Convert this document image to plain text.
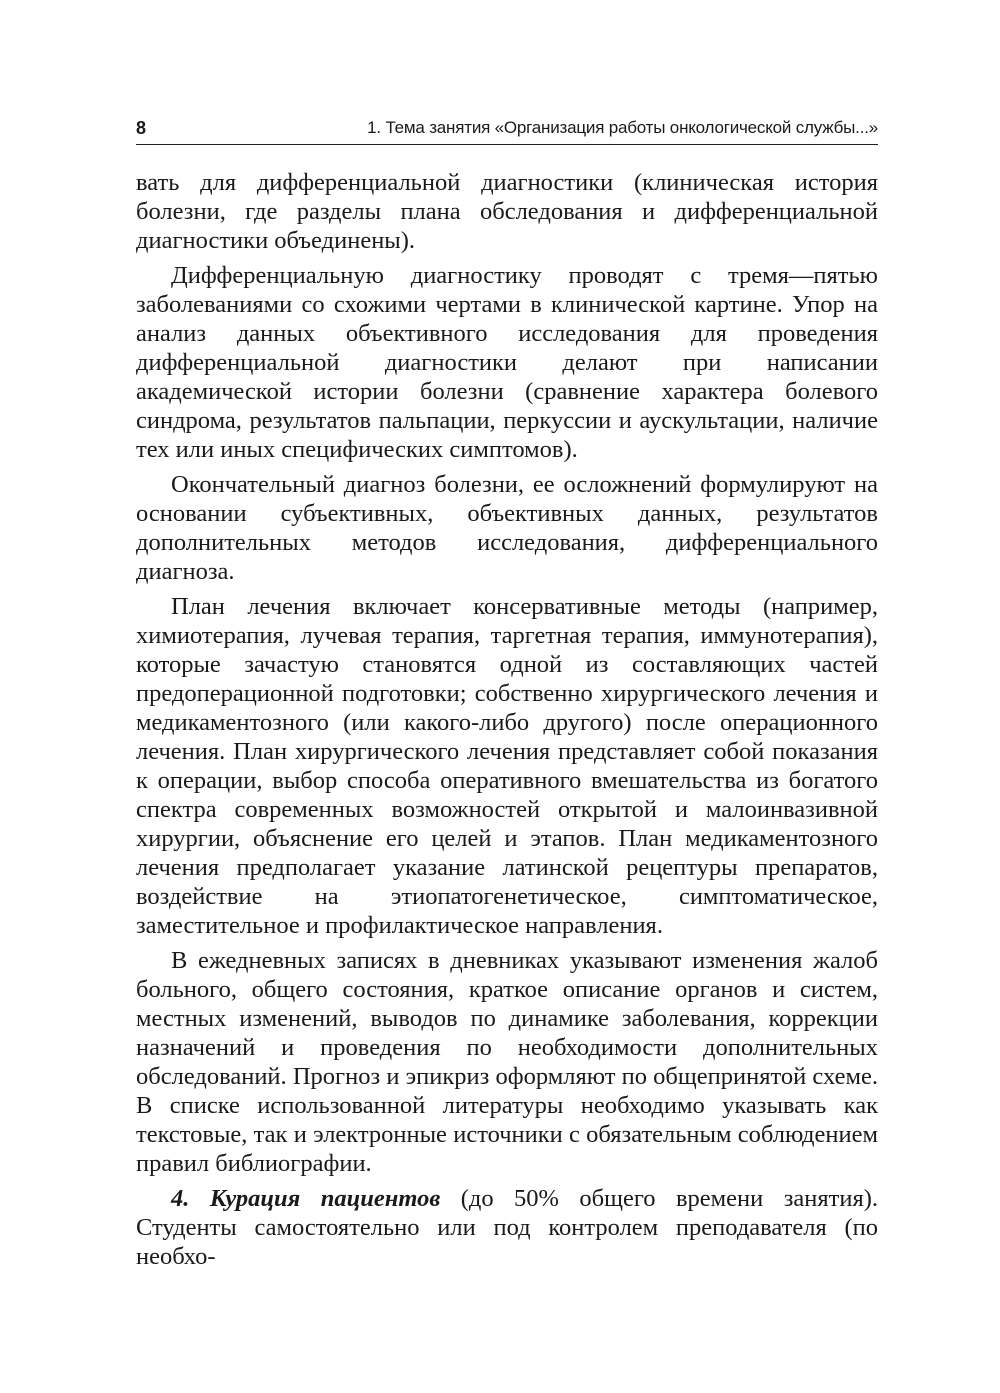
8	1. Тема занятия «Организация работы онкологической службы...»

вать для дифференциальной диагностики (клиническая история болезни, где разделы плана обследования и дифференциальной диагностики объединены).

Дифференциальную диагностику проводят с тремя—пятью заболеваниями со схожими чертами в клинической картине. Упор на анализ данных объективного исследования для проведения дифференциальной диагностики делают при написании академической истории болезни (сравнение характера болевого синдрома, результатов пальпации, перкуссии и аускультации, наличие тех или иных специфических симптомов).

Окончательный диагноз болезни, ее осложнений формулируют на основании субъективных, объективных данных, результатов дополнительных методов исследования, дифференциального диагноза.

План лечения включает консервативные методы (например, химиотерапия, лучевая терапия, таргетная терапия, иммунотерапия), которые зачастую становятся одной из составляющих частей предоперационной подготовки; собственно хирургического лечения и медикаментозного (или какого-либо другого) после операционного лечения. План хирургического лечения представляет собой показания к операции, выбор способа оперативного вмешательства из богатого спектра современных возможностей открытой и малоинвазивной хирургии, объяснение его целей и этапов. План медикаментозного лечения предполагает указание латинской рецептуры препаратов, воздействие на этиопатогенетическое, симптоматическое, заместительное и профилактическое направления.

В ежедневных записях в дневниках указывают изменения жалоб больного, общего состояния, краткое описание органов и систем, местных изменений, выводов по динамике заболевания, коррекции назначений и проведения по необходимости дополнительных обследований. Прогноз и эпикриз оформляют по общепринятой схеме. В списке использованной литературы необходимо указывать как текстовые, так и электронные источники с обязательным соблюдением правил библиографии.

4. Курация пациентов (до 50% общего времени занятия). Студенты самостоятельно или под контролем преподавателя (по необхо-
